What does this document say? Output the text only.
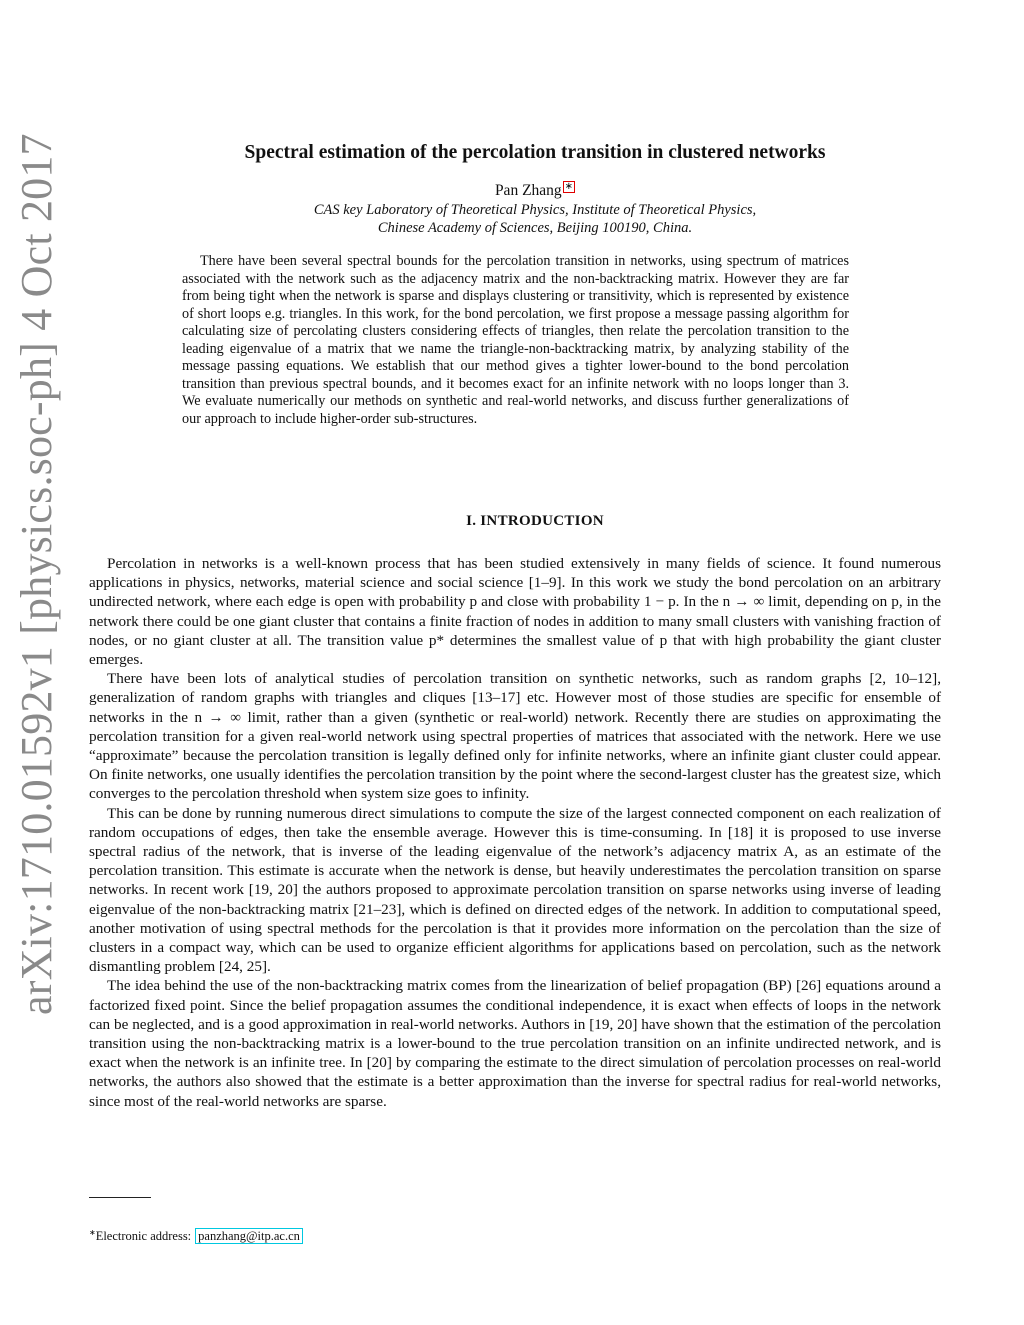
arXiv:1710.01592v1 [physics.soc-ph] 4 Oct 2017	Spectral estimation of the percolation transition in clustered networks
Pan Zhang ∗
CAS key Laboratory of Theoretical Physics, Institute of Theoretical Physics,
Chinese Academy of Sciences, Beijing 100190, China.

There have been several spectral bounds for the percolation transition in networks, using spectrum of matrices associated with the network such as the adjacency matrix and the non-backtracking matrix. However they are far from being tight when the network is sparse and displays clustering or transitivity, which is represented by existence of short loops e.g. triangles. In this work, for the bond percolation, we first propose a message passing algorithm for calculating size of percolating clusters considering effects of triangles, then relate the percolation transition to the leading eigenvalue of a matrix that we name the triangle-non-backtracking matrix, by analyzing stability of the message passing equations. We establish that our method gives a tighter lower-bound to the bond percolation transition than previous spectral bounds, and it becomes exact for an infinite network with no loops longer than 3. We evaluate numerically our methods on synthetic and real-world networks, and discuss further generalizations of our approach to include higher-order sub-structures.

I. INTRODUCTION

Percolation in networks is a well-known process that has been studied extensively in many fields of science. It found numerous applications in physics, networks, material science and social science [1–9]. In this work we study the bond percolation on an arbitrary undirected network, where each edge is open with probability p and close with probability 1 − p. In the n → ∞ limit, depending on p, in the network there could be one giant cluster that contains a finite fraction of nodes in addition to many small clusters with vanishing fraction of nodes, or no giant cluster at all. The transition value p* determines the smallest value of p that with high probability the giant cluster emerges.

There have been lots of analytical studies of percolation transition on synthetic networks, such as random graphs [2, 10–12], generalization of random graphs with triangles and cliques [13–17] etc. However most of those studies are specific for ensemble of networks in the n → ∞ limit, rather than a given (synthetic or real-world) network. Recently there are studies on approximating the percolation transition for a given real-world network using spectral properties of matrices that associated with the network. Here we use “approximate” because the percolation transition is legally defined only for infinite networks, where an infinite giant cluster could appear. On finite networks, one usually identifies the percolation transition by the point where the second-largest cluster has the greatest size, which converges to the percolation threshold when system size goes to infinity.

This can be done by running numerous direct simulations to compute the size of the largest connected component on each realization of random occupations of edges, then take the ensemble average. However this is time-consuming. In [18] it is proposed to use inverse spectral radius of the network, that is inverse of the leading eigenvalue of the network’s adjacency matrix A, as an estimate of the percolation transition. This estimate is accurate when the network is dense, but heavily underestimates the percolation transition on sparse networks. In recent work [19, 20] the authors proposed to approximate percolation transition on sparse networks using inverse of leading eigenvalue of the non-backtracking matrix [21–23], which is defined on directed edges of the network. In addition to computational speed, another motivation of using spectral methods for the percolation is that it provides more information on the percolation than the size of clusters in a compact way, which can be used to organize efficient algorithms for applications based on percolation, such as the network dismantling problem [24, 25].

The idea behind the use of the non-backtracking matrix comes from the linearization of belief propagation (BP) [26] equations around a factorized fixed point. Since the belief propagation assumes the conditional independence, it is exact when effects of loops in the network can be neglected, and is a good approximation in real-world networks. Authors in [19, 20] have shown that the estimation of the percolation transition using the non-backtracking matrix is a lower-bound to the true percolation transition on an infinite undirected network, and is exact when the network is an infinite tree. In [20] by comparing the estimate to the direct simulation of percolation processes on real-world networks, the authors also showed that the estimate is a better approximation than the inverse for spectral radius for real-world networks, since most of the real-world networks are sparse.

∗Electronic address: panzhang@itp.ac.cn
